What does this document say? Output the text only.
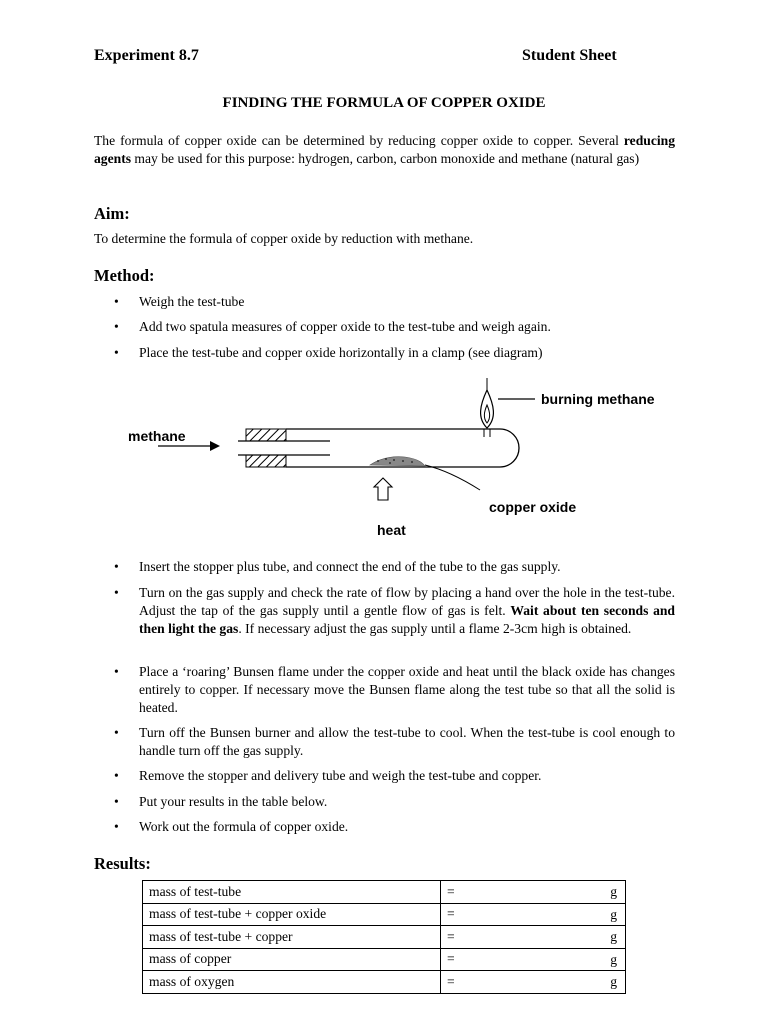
Experiment 8.7	Student Sheet
FINDING THE FORMULA OF COPPER OXIDE
The formula of copper oxide can be determined by reducing copper oxide to copper. Several reducing agents may be used for this purpose: hydrogen, carbon, carbon monoxide and methane (natural gas)
Aim:
To determine the formula of copper oxide by reduction with methane.
Method:
• Weigh the test-tube
• Add two spatula measures of copper oxide to the test-tube and weigh again.
• Place the test-tube and copper oxide horizontally in a clamp (see diagram)
methane
burning methane
copper oxide
heat
• Insert the stopper plus tube, and connect the end of the tube to the gas supply.
• Turn on the gas supply and check the rate of flow by placing a hand over the hole in the test-tube. Adjust the tap of the gas supply until a gentle flow of gas is felt. Wait about ten seconds and then light the gas. If necessary adjust the gas supply until a flame 2-3cm high is obtained.
• Place a ‘roaring’ Bunsen flame under the copper oxide and heat until the black oxide has changes entirely to copper. If necessary move the Bunsen flame along the test tube so that all the solid is heated.
• Turn off the Bunsen burner and allow the test-tube to cool. When the test-tube is cool enough to handle turn off the gas supply.
• Remove the stopper and delivery tube and weigh the test-tube and copper.
• Put your results in the table below.
• Work out the formula of copper oxide.
Results:
mass of test-tube	= g

mass of test-tube + copper oxide	= g

mass of test-tube + copper	= g

mass of copper	= g

mass of oxygen	= g
